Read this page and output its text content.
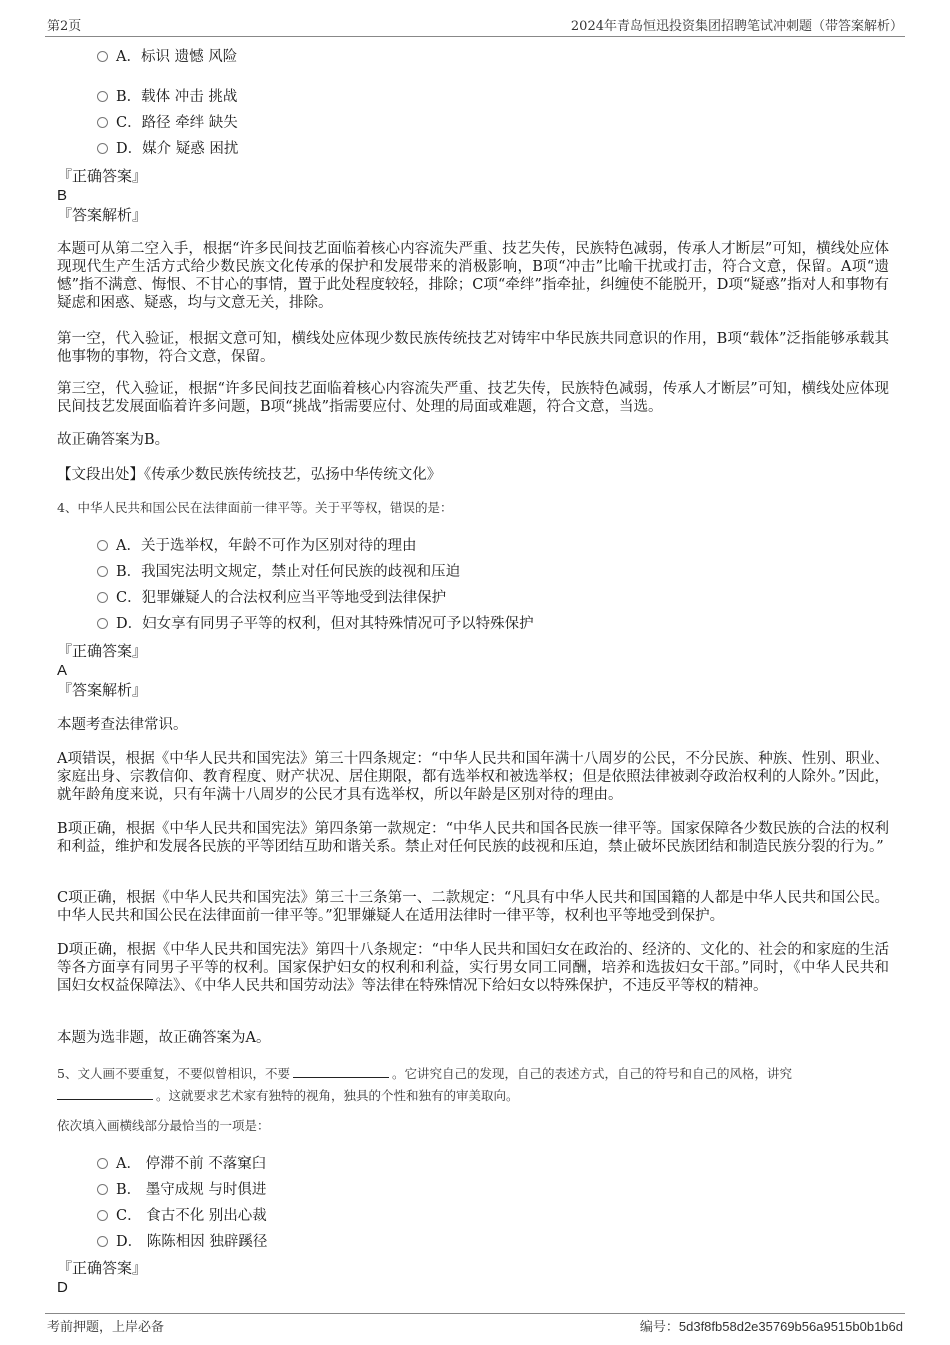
第2页	2024年青岛恒迅投资集团招聘笔试冲刺题（带答案解析）
A．标识 遗憾 风险
B．载体 冲击 挑战
C．路径 牵绊 缺失
D．媒介 疑惑 困扰
『正确答案』
B
『答案解析』
本题可从第二空入手，根据“许多民间技艺面临着核心内容流失严重、技艺失传，民族特色减弱，传承人才断层”可知，横线处应体现现代生产生活方式给少数民族文化传承的保护和发展带来的消极影响，B项“冲击”比喻干扰或打击，符合文意，保留。A项“遗憾”指不满意、悔恨、不甘心的事情，置于此处程度较轻，排除；C项“牵绊”指牵扯，纠缠使不能脱开，D项“疑惑”指对人和事物有疑虑和困惑、疑惑，均与文意无关，排除。
第一空，代入验证，根据文意可知，横线处应体现少数民族传统技艺对铸牢中华民族共同意识的作用，B项“载体”泛指能够承载其他事物的事物，符合文意，保留。
第三空，代入验证，根据“许多民间技艺面临着核心内容流失严重、技艺失传，民族特色减弱，传承人才断层”可知，横线处应体现民间技艺发展面临着许多问题，B项“挑战”指需要应付、处理的局面或难题，符合文意，当选。
故正确答案为B。
【文段出处】《传承少数民族传统技艺，弘扬中华传统文化》
4、中华人民共和国公民在法律面前一律平等。关于平等权，错误的是：
A．关于选举权，年龄不可作为区别对待的理由
B．我国宪法明文规定，禁止对任何民族的歧视和压迫
C．犯罪嫌疑人的合法权利应当平等地受到法律保护
D．妇女享有同男子平等的权利，但对其特殊情况可予以特殊保护
『正确答案』
A
『答案解析』
本题考查法律常识。
A项错误，根据《中华人民共和国宪法》第三十四条规定：“中华人民共和国年满十八周岁的公民，不分民族、种族、性别、职业、家庭出身、宗教信仰、教育程度、财产状况、居住期限，都有选举权和被选举权；但是依照法律被剥夺政治权利的人除外。”因此，就年龄角度来说，只有年满十八周岁的公民才具有选举权，所以年龄是区别对待的理由。
B项正确，根据《中华人民共和国宪法》第四条第一款规定：“中华人民共和国各民族一律平等。国家保障各少数民族的合法的权利和利益，维护和发展各民族的平等团结互助和谐关系。禁止对任何民族的歧视和压迫，禁止破坏民族团结和制造民族分裂的行为。”
C项正确，根据《中华人民共和国宪法》第三十三条第一、二款规定：“凡具有中华人民共和国国籍的人都是中华人民共和国公民。中华人民共和国公民在法律面前一律平等。”犯罪嫌疑人在适用法律时一律平等，权利也平等地受到保护。
D项正确，根据《中华人民共和国宪法》第四十八条规定：“中华人民共和国妇女在政治的、经济的、文化的、社会的和家庭的生活等各方面享有同男子平等的权利。国家保护妇女的权利和利益，实行男女同工同酬，培养和选拔妇女干部。”同时，《中华人民共和国妇女权益保障法》、《中华人民共和国劳动法》等法律在特殊情况下给妇女以特殊保护，不违反平等权的精神。
本题为选非题，故正确答案为A。
5、文人画不要重复，不要似曾相识，不要	。它讲究自己的发现，自己的表述方式，自己的符号和自己的风格，讲究
。这就要求艺术家有独特的视角，独具的个性和独有的审美取向。
依次填入画横线部分最恰当的一项是：
A． 停滞不前 不落窠臼
B． 墨守成规 与时俱进
C． 食古不化 别出心裁
D． 陈陈相因 独辟蹊径
『正确答案』
D
考前押题，上岸必备	编号：5d3f8fb58d2e35769b56a9515b0b1b6d
